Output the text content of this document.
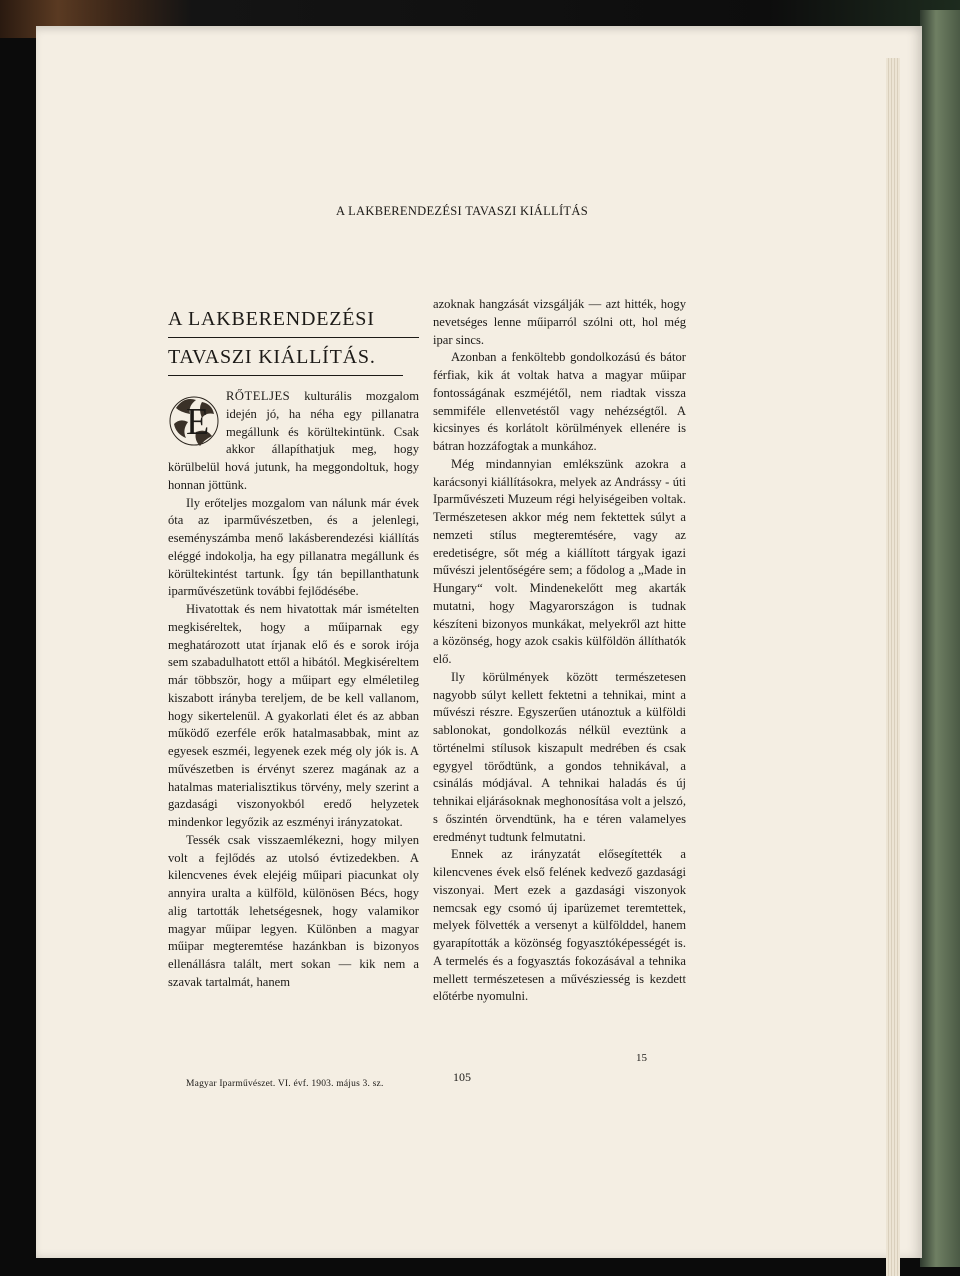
A LAKBERENDEZÉSI TAVASZI KIÁLLÍTÁS
A LAKBERENDEZÉSI
TAVASZI KIÁLLÍTÁS.
E

RŐTELJES kulturális mozgalom idején jó, ha néha egy pillanatra megállunk és körültekintünk. Csak akkor állapíthatjuk meg, hogy körülbelül hová jutunk, ha meggondoltuk, hogy honnan jöttünk.

Ily erőteljes mozgalom van nálunk már évek óta az iparművészetben, és a jelenlegi, eseményszámba menő lakásberendezési kiállítás eléggé indokolja, ha egy pillanatra megállunk és körültekintést tartunk. Így tán bepillanthatunk iparművészetünk további fejlődésébe.

Hivatottak és nem hivatottak már ismételten megkiséreltek, hogy a műiparnak egy meghatározott utat írjanak elő és e sorok irója sem szabadulhatott ettől a hibától. Megkiséreltem már többször, hogy a műipart egy elméletileg kiszabott irányba tereljem, de be kell vallanom, hogy sikertelenül. A gyakorlati élet és az abban működő ezerféle erők hatalmasabbak, mint az egyesek eszméi, legyenek ezek még oly jók is. A művészetben is érvényt szerez magának az a hatalmas materialisztikus törvény, mely szerint a gazdasági viszonyokból eredő helyzetek mindenkor legyőzik az eszményi irányzatokat.

Tessék csak visszaemlékezni, hogy milyen volt a fejlődés az utolsó évtizedekben. A kilencvenes évek elejéig műipari piacunkat oly annyira uralta a külföld, különösen Bécs, hogy alig tartották lehetségesnek, hogy valamikor magyar műipar legyen. Különben a magyar műipar megteremtése hazánkban is bizonyos ellenállásra talált, mert sokan — kik nem a szavak tartalmát, hanem

azoknak hangzását vizsgálják — azt hitték, hogy nevetséges lenne műiparról szólni ott, hol még ipar sincs.

Azonban a fenköltebb gondolkozású és bátor férfiak, kik át voltak hatva a magyar műipar fontosságának eszméjétől, nem riadtak vissza semmiféle ellenvetéstől vagy nehézségtől. A kicsinyes és korlátolt körülmények ellenére is bátran hozzáfogtak a munkához.

Még mindannyian emlékszünk azokra a karácsonyi kiállításokra, melyek az Andrássy - úti Iparművészeti Muzeum régi helyiségeiben voltak. Természetesen akkor még nem fektettek súlyt a nemzeti stílus megteremtésére, vagy az eredetiségre, sőt még a kiállított tárgyak igazi művészi jelentőségére sem; a fődolog a „Made in Hungary“ volt. Mindenekelőtt meg akarták mutatni, hogy Magyarországon is tudnak készíteni bizonyos munkákat, melyekről azt hitte a közönség, hogy azok csakis külföldön állíthatók elő.

Ily körülmények között természetesen nagyobb súlyt kellett fektetni a tehnikai, mint a művészi részre. Egyszerűen utánoztuk a külföldi sablonokat, gondolkozás nélkül eveztünk a történelmi stílusok kiszapult medrében és csak egygyel törődtünk, a gondos tehnikával, a csinálás módjával. A tehnikai haladás és új tehnikai eljárásoknak meghonosítása volt a jelszó, s őszintén örvendtünk, ha e téren valamelyes eredményt tudtunk felmutatni.

Ennek az irányzatát elősegítették a kilencvenes évek első felének kedvező gazdasági viszonyai. Mert ezek a gazdasági viszonyok nemcsak egy csomó új iparüzemet teremtettek, melyek fölvették a versenyt a külfölddel, hanem gyarapították a közönség fogyasztóképességét is. A termelés és a fogyasztás fokozásával a tehnika mellett természetesen a művésziesség is kezdett előtérbe nyomulni.

Magyar Iparművészet. VI. évf. 1903. május 3. sz.
15
105
